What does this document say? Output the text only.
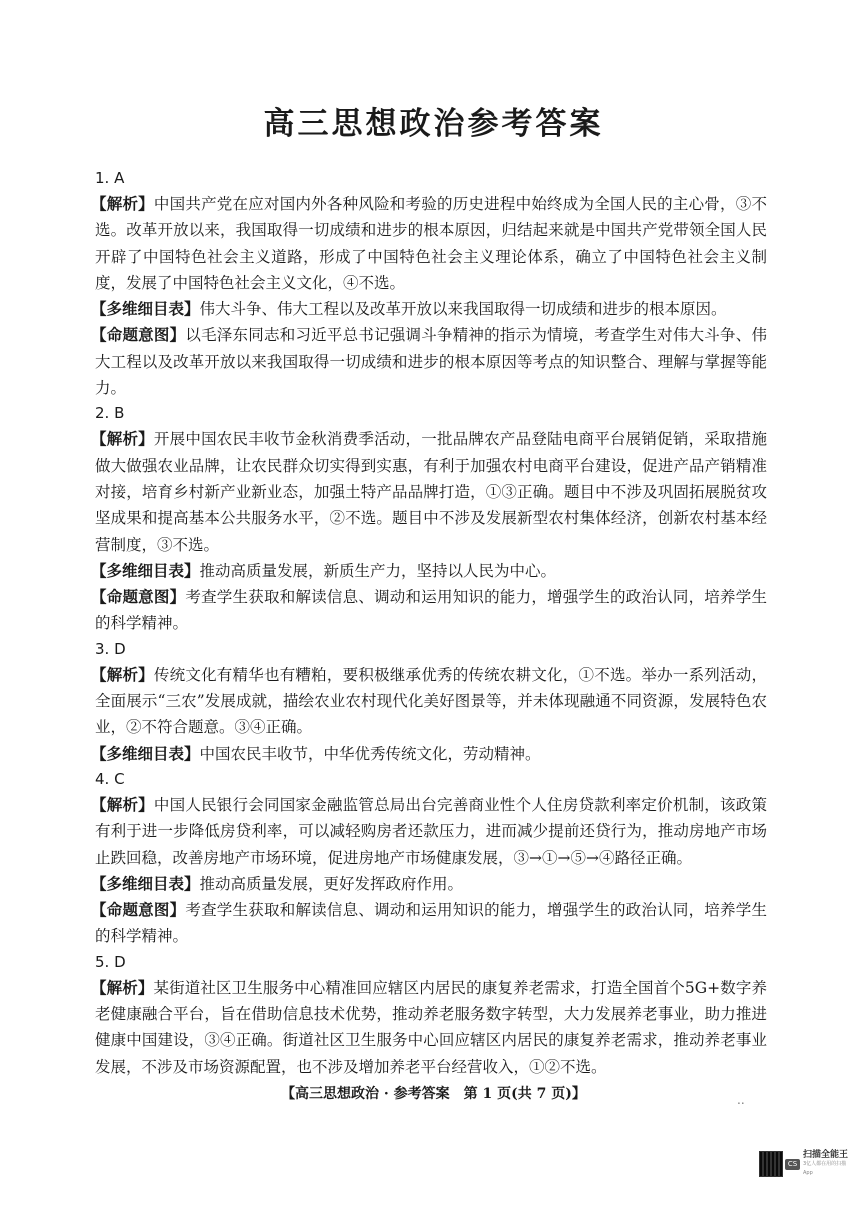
高三思想政治参考答案
1. A
【解析】中国共产党在应对国内外各种风险和考验的历史进程中始终成为全国人民的主心骨，③不选。改革开放以来，我国取得一切成绩和进步的根本原因，归结起来就是中国共产党带领全国人民开辟了中国特色社会主义道路，形成了中国特色社会主义理论体系，确立了中国特色社会主义制度，发展了中国特色社会主义文化，④不选。
【多维细目表】伟大斗争、伟大工程以及改革开放以来我国取得一切成绩和进步的根本原因。
【命题意图】以毛泽东同志和习近平总书记强调斗争精神的指示为情境，考查学生对伟大斗争、伟大工程以及改革开放以来我国取得一切成绩和进步的根本原因等考点的知识整合、理解与掌握等能力。
2. B
【解析】开展中国农民丰收节金秋消费季活动，一批品牌农产品登陆电商平台展销促销，采取措施做大做强农业品牌，让农民群众切实得到实惠，有利于加强农村电商平台建设，促进产品产销精准对接，培育乡村新产业新业态，加强土特产品品牌打造，①③正确。题目中不涉及巩固拓展脱贫攻坚成果和提高基本公共服务水平，②不选。题目中不涉及发展新型农村集体经济，创新农村基本经营制度，③不选。
【多维细目表】推动高质量发展，新质生产力，坚持以人民为中心。
【命题意图】考查学生获取和解读信息、调动和运用知识的能力，增强学生的政治认同，培养学生的科学精神。
3. D
【解析】传统文化有精华也有糟粕，要积极继承优秀的传统农耕文化，①不选。举办一系列活动，全面展示“三农”发展成就，描绘农业农村现代化美好图景等，并未体现融通不同资源，发展特色农业，②不符合题意。③④正确。
【多维细目表】中国农民丰收节，中华优秀传统文化，劳动精神。
4. C
【解析】中国人民银行会同国家金融监管总局出台完善商业性个人住房贷款利率定价机制，该政策有利于进一步降低房贷利率，可以减轻购房者还款压力，进而减少提前还贷行为，推动房地产市场止跌回稳，改善房地产市场环境，促进房地产市场健康发展，③→①→⑤→④路径正确。
【多维细目表】推动高质量发展，更好发挥政府作用。
【命题意图】考查学生获取和解读信息、调动和运用知识的能力，增强学生的政治认同，培养学生的科学精神。
5. D
【解析】某街道社区卫生服务中心精准回应辖区内居民的康复养老需求，打造全国首个5G+数字养老健康融合平台，旨在借助信息技术优势，推动养老服务数字转型，大力发展养老事业，助力推进健康中国建设，③④正确。街道社区卫生服务中心回应辖区内居民的康复养老需求，推动养老事业发展，不涉及市场资源配置，也不涉及增加养老平台经营收入，①②不选。
【高三思想政治 · 参考答案　第 1 页(共 7 页)】	..
CS
扫描全能王
3亿人都在用的扫描App
